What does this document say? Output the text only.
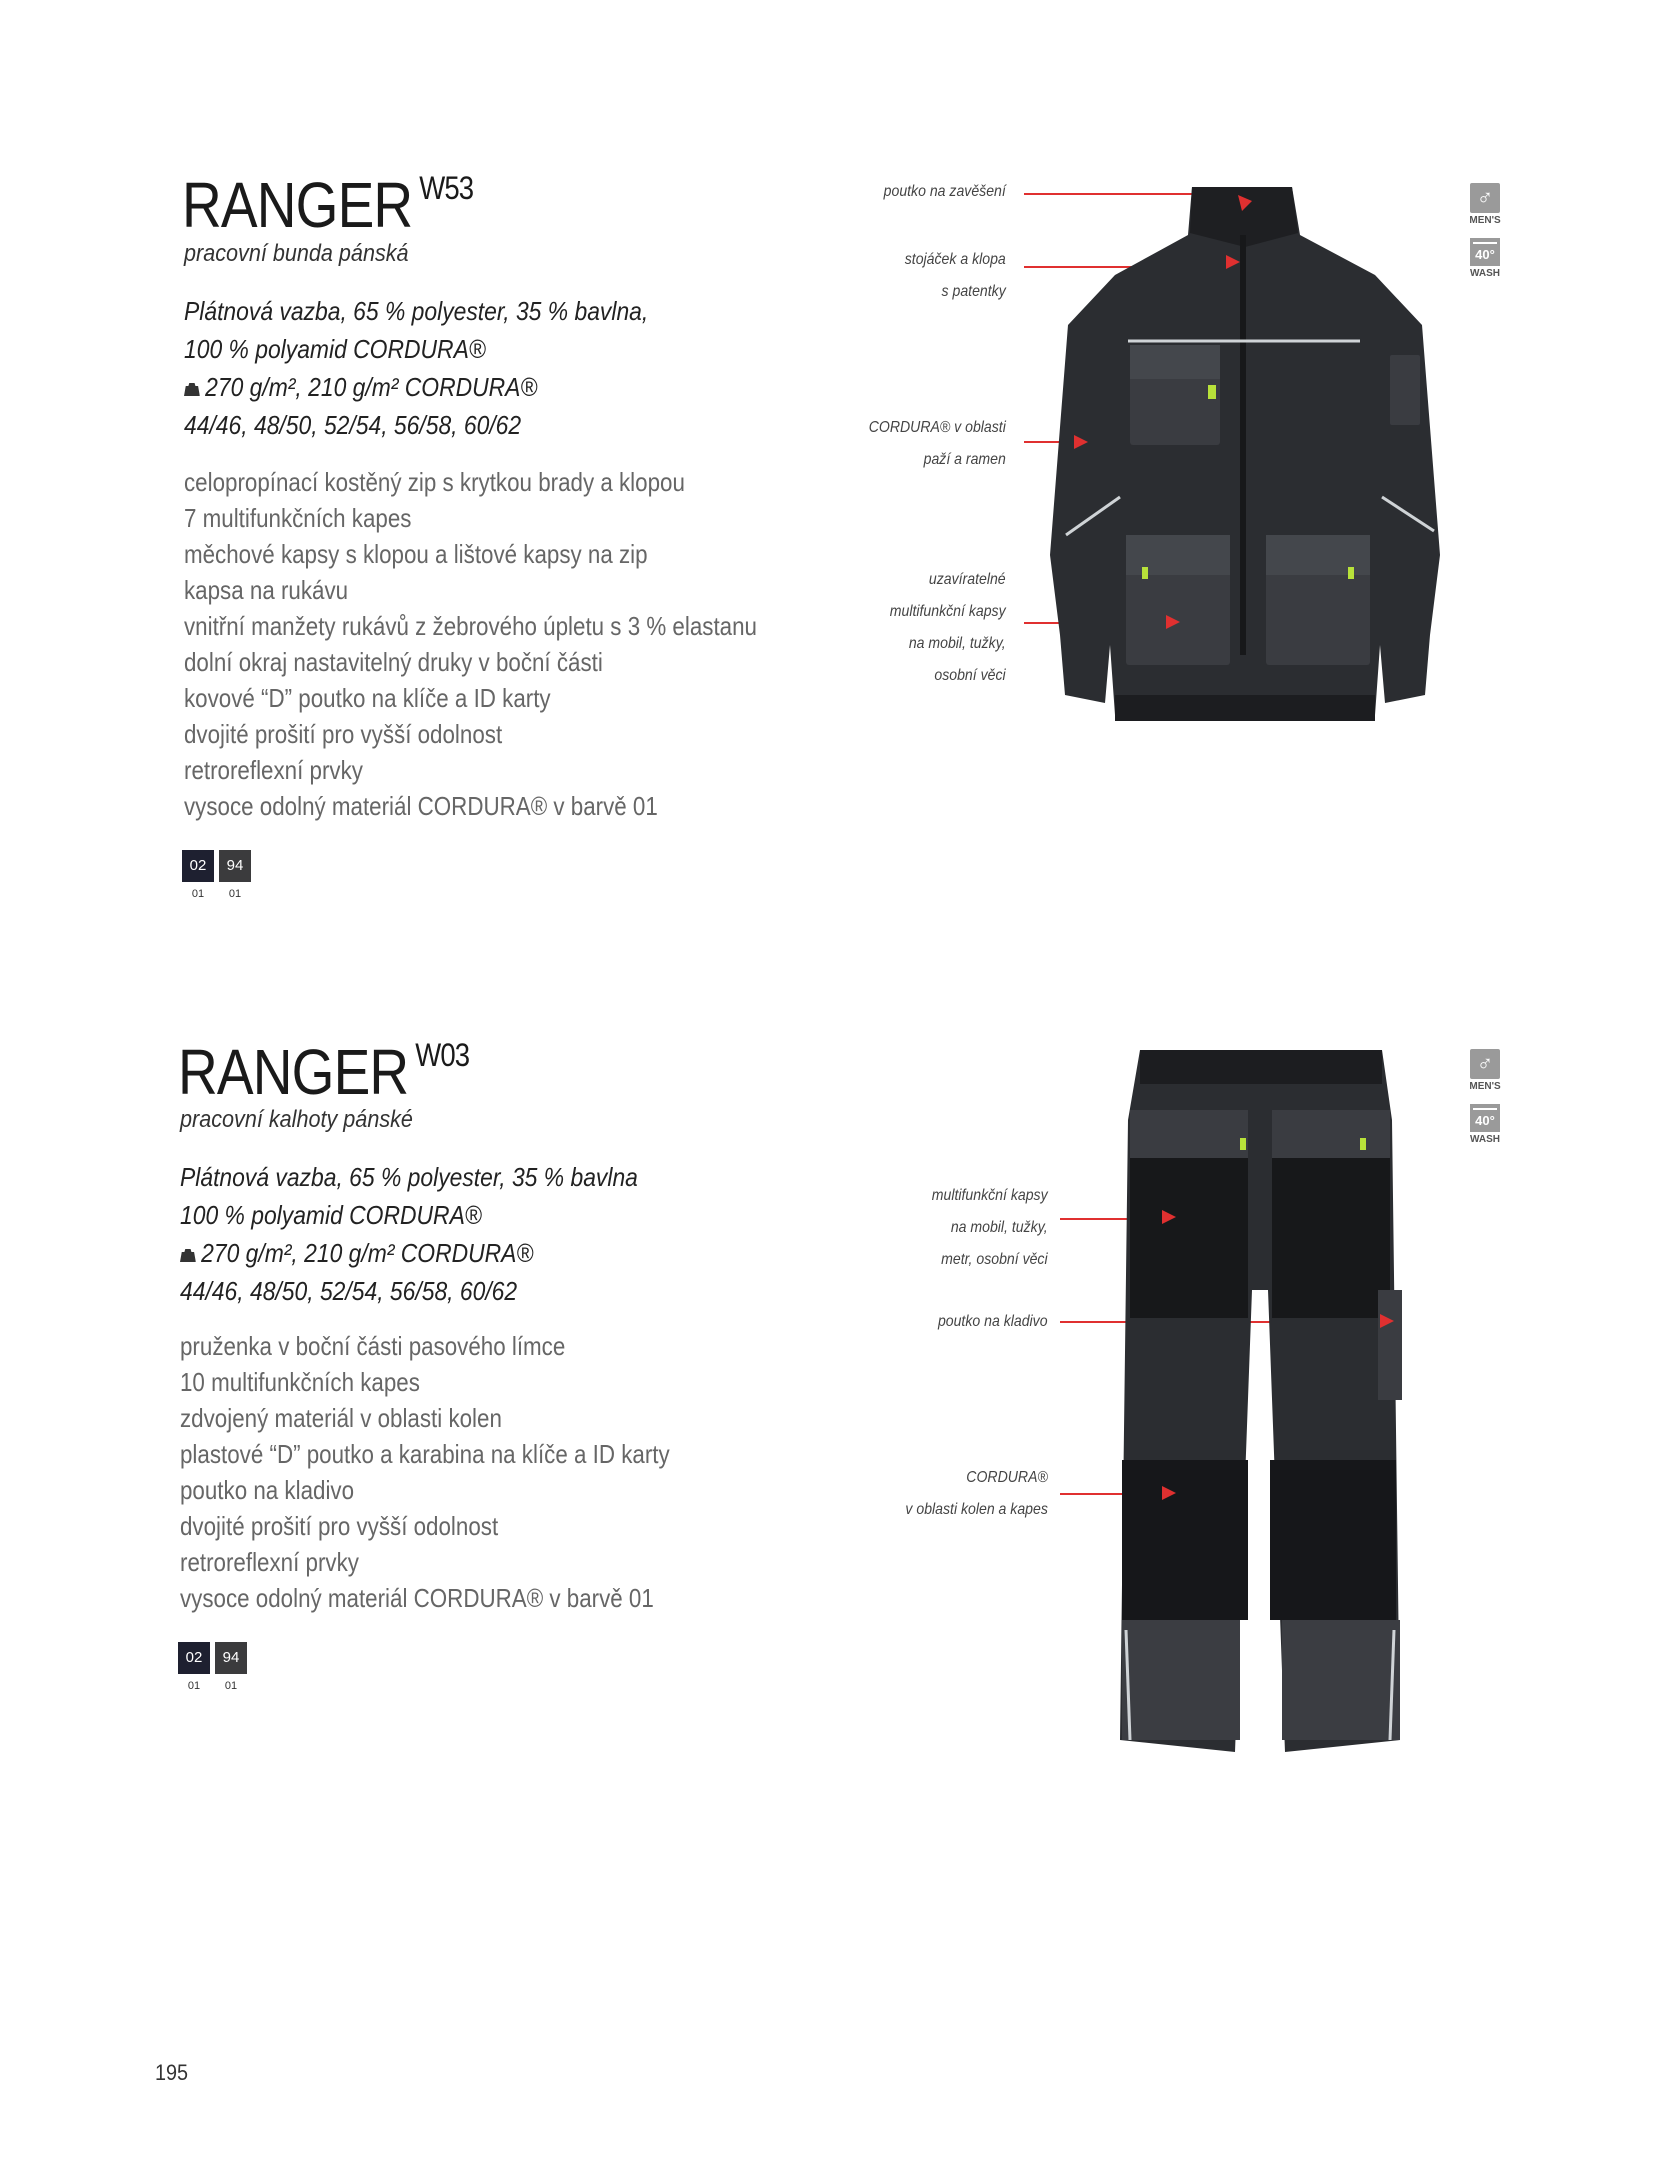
RANGER $^{W53}$
pracovní bunda pánská
Plátnová vazba, 65 % polyester, 35 % bavlna,
100 % polyamid CORDURA®
270 g/m², 210 g/m² CORDURA®
44/46, 48/50, 52/54, 56/58, 60/62
celopropínací kostěný zip s krytkou brady a klopou
7 multifunkčních kapes
měchové kapsy s klopou a lištové kapsy na zip
kapsa na rukávu
vnitřní manžety rukávů z žebrového úpletu s 3 % elastanu
dolní okraj nastavitelný druky v boční části
kovové “D” poutko na klíče a ID karty
dvojité prošití pro vyšší odolnost
retroreflexní prvky
vysoce odolný materiál CORDURA® v barvě 01
02
01
94
01
poutko na zavěšení
stojáček a klopa
s patentky
CORDURA® v oblasti
paží a ramen
uzavíratelné
multifunkční kapsy
na mobil, tužky,
osobní věci
♂
MEN'S
40°
WASH
RANGER $^{W03}$
pracovní kalhoty pánské
Plátnová vazba, 65 % polyester, 35 % bavlna
100 % polyamid CORDURA®
270 g/m², 210 g/m² CORDURA®
44/46, 48/50, 52/54, 56/58, 60/62
pruženka v boční části pasového límce
10 multifunkčních kapes
zdvojený materiál v oblasti kolen
plastové “D” poutko a karabina na klíče a ID karty
poutko na kladivo
dvojité prošití pro vyšší odolnost
retroreflexní prvky
vysoce odolný materiál CORDURA® v barvě 01
02
01
94
01
multifunkční kapsy
na mobil, tužky,
metr, osobní věci
poutko na kladivo
CORDURA®
v oblasti kolen a kapes
♂
MEN'S
40°
WASH
195
